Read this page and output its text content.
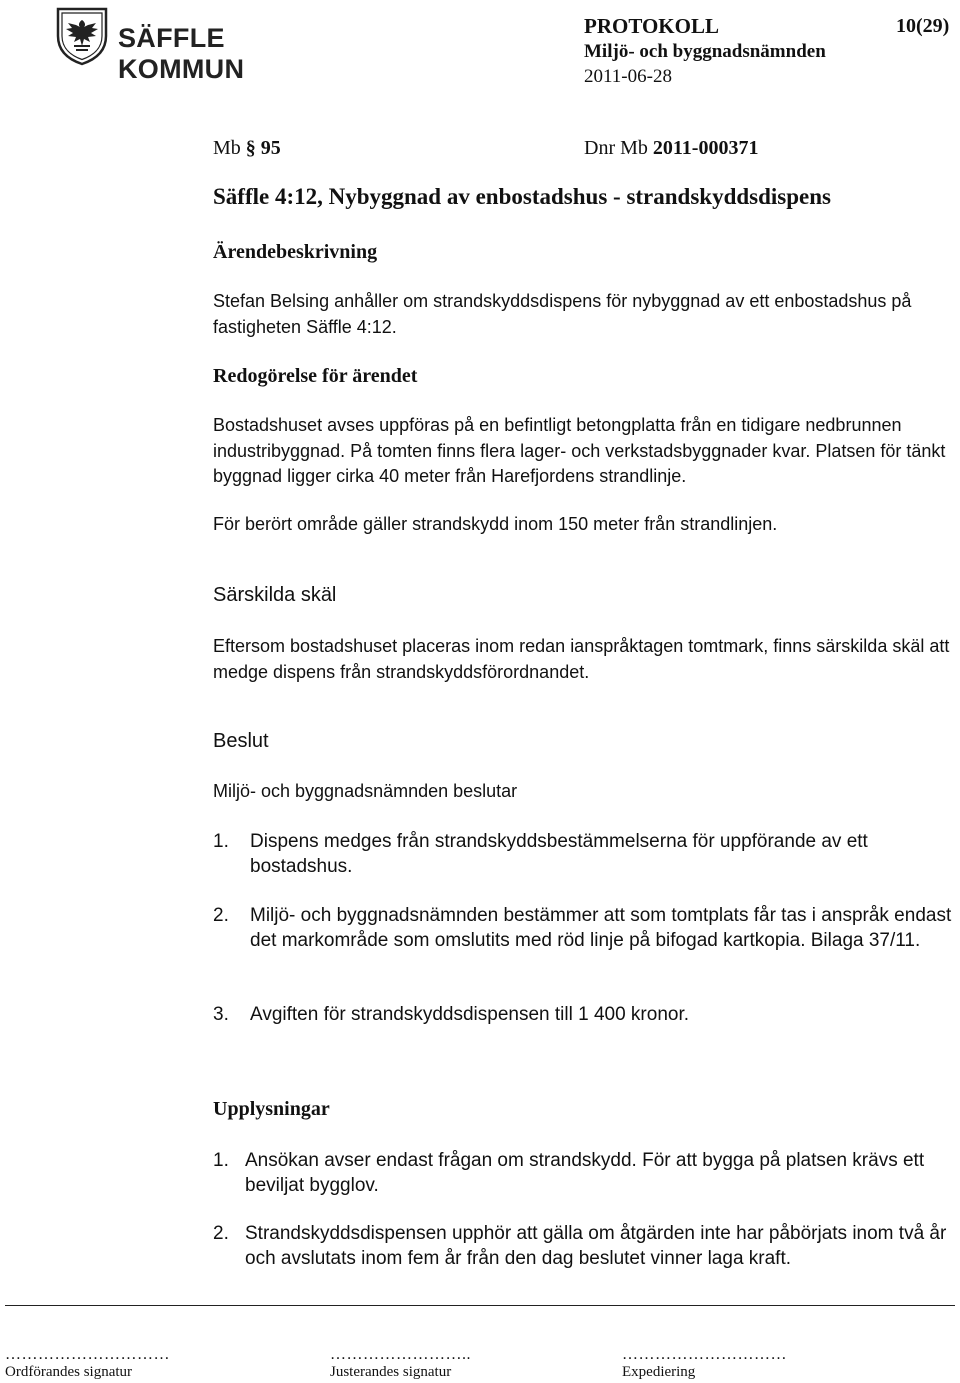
SÄFFLE KOMMUN
PROTOKOLL	10(29)
Miljö- och byggnadsnämnden
2011-06-28
Mb § 95	Dnr Mb 2011-000371
Säffle 4:12, Nybyggnad av enbostadshus - strandskyddsdispens
Ärendebeskrivning
Stefan Belsing anhåller om strandskyddsdispens för nybyggnad av ett enbostadshus på fastigheten Säffle 4:12.
Redogörelse för ärendet
Bostadshuset avses uppföras på en befintligt betongplatta från en tidigare nedbrunnen industribyggnad. På tomten finns flera lager- och verkstadsbyggnader kvar. Platsen för tänkt byggnad ligger cirka 40 meter från Harefjordens strandlinje.
För berört område gäller strandskydd inom 150 meter från strandlinjen.
Särskilda skäl
Eftersom bostadshuset placeras inom redan ianspråktagen tomtmark, finns särskilda skäl att medge dispens från strandskyddsförordnandet.
Beslut
Miljö- och byggnadsnämnden beslutar
1. Dispens medges från strandskyddsbestämmelserna för uppförande av ett bostadshus.
2. Miljö- och byggnadsnämnden bestämmer att som tomtplats får tas i anspråk endast det markområde som omslutits med röd linje på bifogad kartkopia. Bilaga 37/11.
3. Avgiften för strandskyddsdispensen till 1 400 kronor.
Upplysningar
1. Ansökan avser endast frågan om strandskydd. För att bygga på platsen krävs ett beviljat bygglov.
2. Strandskyddsdispensen upphör att gälla om åtgärden inte har påbörjats inom två år och avslutats inom fem år från den dag beslutet vinner laga kraft.
…………………………
Ordförandes signatur
……………………..
Justerandes signatur
…………………………
Expediering
